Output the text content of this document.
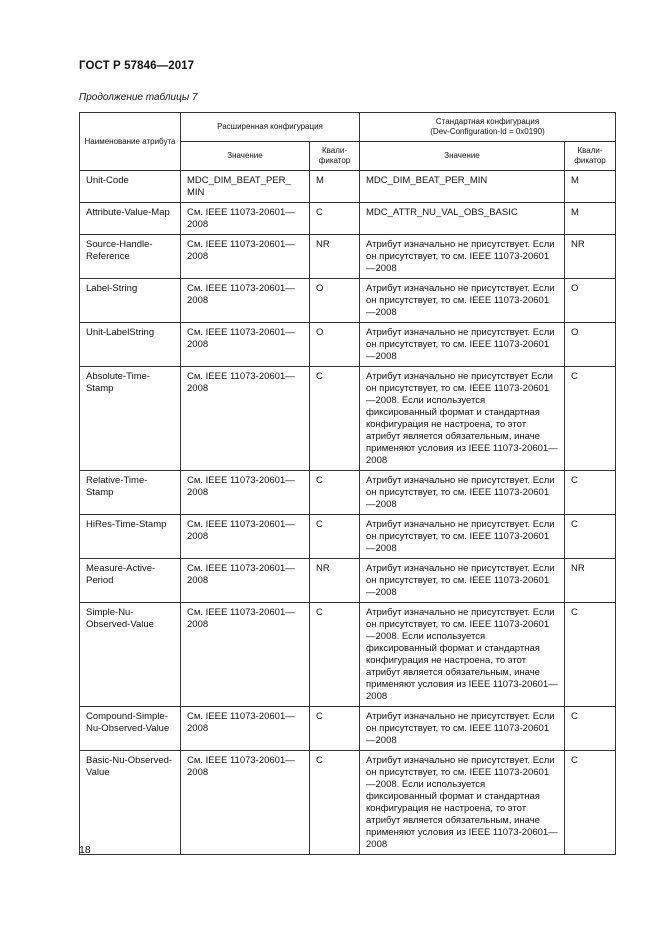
ГОСТ Р 57846—2017
Продолжение таблицы 7
Наименование атрибута	Расширенная конфигурация		Стандартная конфигурация
(Dev-Configuration-Id = 0x0190)	
	Значение	Квали-фикатор	Значение	Квали-фикатор
Unit-Code	MDC_DIM_BEAT_PER_ MIN	M	MDC_DIM_BEAT_PER_MIN	M
Attribute-Value-Map	См. IEEE 11073-20601—2008	C	MDC_ATTR_NU_VAL_OBS_BASIC	M
Source-Handle-Reference	См. IEEE 11073-20601—2008	NR	Атрибут изначально не присутствует. Если он присутствует, то см. IEEE 11073-20601—2008	NR
Label-String	См. IEEE 11073-20601—2008	O	Атрибут изначально не присутствует. Если он присутствует, то см. IEEE 11073-20601—2008	O
Unit-LabelString	См. IEEE 11073-20601—2008	O	Атрибут изначально не присутствует. Если он присутствует, то см. IEEE 11073-20601—2008	O
Absolute-Time-Stamp	См. IEEE 11073-20601—2008	C	Атрибут изначально не присутствует Если он присутствует, то см. IEEE 11073-20601—2008. Если используется фиксированный формат и стандартная конфигурация не настроена, то этот атрибут является обязательным, иначе применяют условия из IEEE 11073-20601—2008	C
Relative-Time-Stamp	См. IEEE 11073-20601—2008	C	Атрибут изначально не присутствует. Если он присутствует, то см. IEEE 11073-20601—2008	C
HiRes-Time-Stamp	См. IEEE 11073-20601—2008	C	Атрибут изначально не присутствует. Если он присутствует, то см. IEEE 11073-20601—2008	C
Measure-Active-Period	См. IEEE 11073-20601—2008	NR	Атрибут изначально не присутствует. Если он присутствует, то см. IEEE 11073-20601—2008	NR
Simple-Nu-Observed-Value	См. IEEE 11073-20601—2008	C	Атрибут изначально не присутствует. Если он присутствует, то см. IEEE 11073-20601—2008. Если используется фиксированный формат и стандартная конфигурация не настроена, то этот атрибут является обязательным, иначе применяют условия из IEEE 11073-20601—2008	C
Compound-Simple-Nu-Observed-Value	См. IEEE 11073-20601—2008	C	Атрибут изначально не присутствует. Если он присутствует, то см. IEEE 11073-20601—2008	C
Basic-Nu-Observed-Value	См. IEEE 11073-20601—2008	C	Атрибут изначально не присутствует. Если он присутствует, то см. IEEE 11073-20601—2008. Если используется фиксированный формат и стандартная конфигурация не настроена, то этот атрибут является обязательным, иначе применяют условия из IEEE 11073-20601—2008	C
18
